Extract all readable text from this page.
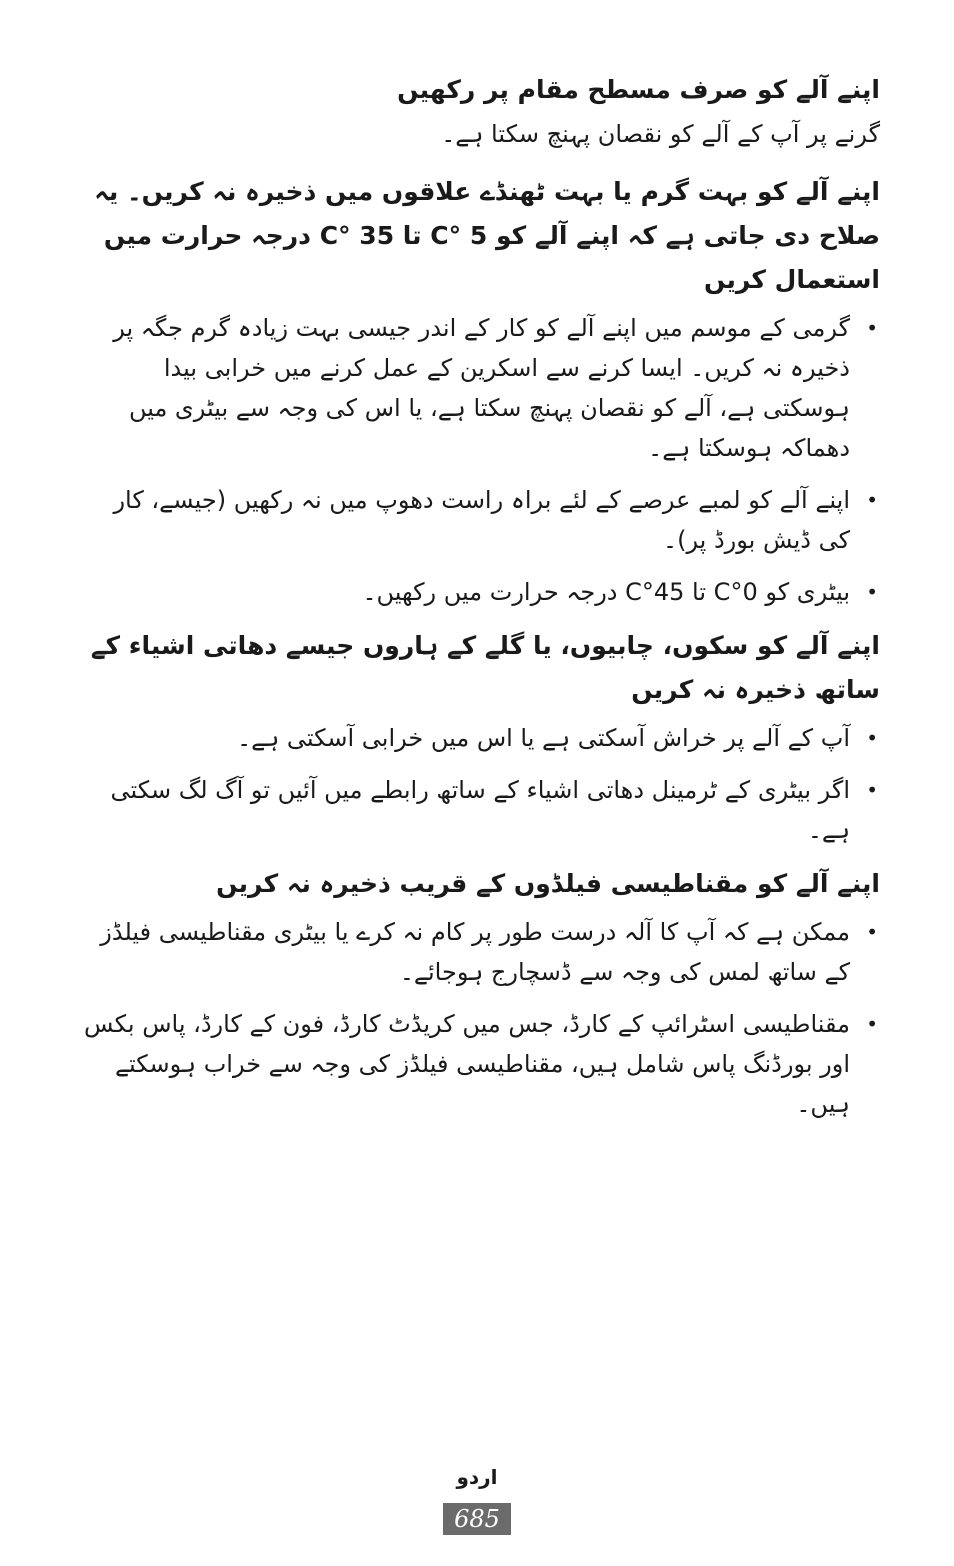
اپنے آلے کو صرف مسطح مقام پر رکھیں

گرنے پر آپ کے آلے کو نقصان پہنچ سکتا ہے۔

اپنے آلے کو بہت گرم یا بہت ٹھنڈے علاقوں میں ذخیرہ نہ کریں۔ یہ صلاح دی جاتی ہے کہ اپنے آلے کو 5 °C تا 35 °C درجہ حرارت میں استعمال کریں

•
گرمی کے موسم میں اپنے آلے کو کار کے اندر جیسی بہت زیادہ گرم جگہ پر ذخیرہ نہ کریں۔ ایسا کرنے سے اسکرین کے عمل کرنے میں خرابی بیدا ہوسکتی ہے، آلے کو نقصان پہنچ سکتا ہے، یا اس کی وجہ سے بیٹری میں دھماکہ ہوسکتا ہے۔
•
اپنے آلے کو لمبے عرصے کے لئے براہ راست دھوپ میں نہ رکھیں (جیسے، کار کی ڈیش بورڈ پر)۔
•
بیٹری کو 0°C تا 45°C درجہ حرارت میں رکھیں۔

اپنے آلے کو سکوں، چابیوں، یا گلے کے ہاروں جیسے دھاتی اشیاء کے ساتھ ذخیرہ نہ کریں

•
آپ کے آلے پر خراش آسکتی ہے یا اس میں خرابی آسکتی ہے۔
•
اگر بیٹری کے ٹرمینل دھاتی اشیاء کے ساتھ رابطے میں آئیں تو آگ لگ سکتی ہے۔

اپنے آلے کو مقناطیسی فیلڈوں کے قریب ذخیرہ نہ کریں

•
ممکن ہے کہ آپ کا آلہ درست طور پر کام نہ کرے یا بیٹری مقناطیسی فیلڈز کے ساتھ لمس کی وجہ سے ڈسچارج ہوجائے۔
•
مقناطیسی اسٹرائپ کے کارڈ، جس میں کریڈٹ کارڈ، فون کے کارڈ، پاس بکس اور بورڈنگ پاس شامل ہیں، مقناطیسی فیلڈز کی وجہ سے خراب ہوسکتے ہیں۔
اردو
685
